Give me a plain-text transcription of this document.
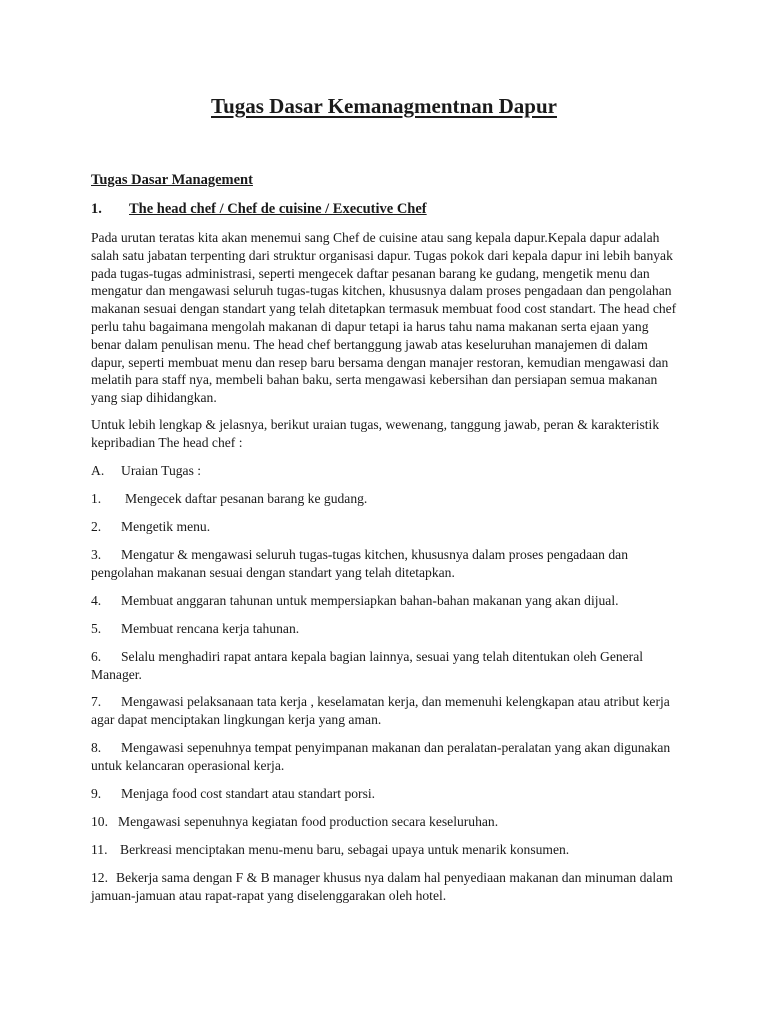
Tugas Dasar Kemanagmentnan Dapur
Tugas Dasar Management
1. The head chef / Chef de cuisine / Executive Chef
Pada urutan teratas kita akan menemui sang Chef de cuisine atau sang kepala dapur.Kepala dapur adalah salah satu jabatan terpenting dari struktur organisasi dapur. Tugas pokok dari kepala dapur ini lebih banyak pada tugas-tugas administrasi, seperti mengecek daftar pesanan barang ke gudang, mengetik menu dan mengatur dan mengawasi seluruh tugas-tugas kitchen, khususnya dalam proses pengadaan dan pengolahan makanan sesuai dengan standart yang telah ditetapkan termasuk membuat food cost standart. The head chef perlu tahu bagaimana mengolah makanan di dapur tetapi ia harus tahu nama makanan serta ejaan yang benar dalam penulisan menu. The head chef bertanggung jawab atas keseluruhan manajemen di dalam dapur, seperti membuat menu dan resep baru bersama dengan manajer restoran, kemudian mengawasi dan melatih para staff nya, membeli bahan baku, serta mengawasi kebersihan dan persiapan semua makanan yang siap dihidangkan.
Untuk lebih lengkap & jelasnya, berikut uraian tugas, wewenang, tanggung jawab, peran & karakteristik kepribadian The head chef :
A. Uraian Tugas :
1. Mengecek daftar pesanan barang ke gudang.
2. Mengetik menu.
3. Mengatur & mengawasi seluruh tugas-tugas kitchen, khususnya dalam proses pengadaan dan pengolahan makanan sesuai dengan standart yang telah ditetapkan.
4. Membuat anggaran tahunan untuk mempersiapkan bahan-bahan makanan yang akan dijual.
5. Membuat rencana kerja tahunan.
6. Selalu menghadiri rapat antara kepala bagian lainnya, sesuai yang telah ditentukan oleh General Manager.
7. Mengawasi pelaksanaan tata kerja , keselamatan kerja, dan memenuhi kelengkapan atau atribut kerja agar dapat menciptakan lingkungan kerja yang aman.
8. Mengawasi sepenuhnya tempat penyimpanan makanan dan peralatan-peralatan yang akan digunakan untuk kelancaran operasional kerja.
9. Menjaga food cost standart atau standart porsi.
10. Mengawasi sepenuhnya kegiatan food production secara keseluruhan.
11. Berkreasi menciptakan menu-menu baru, sebagai upaya untuk menarik konsumen.
12. Bekerja sama dengan F & B manager khusus nya dalam hal penyediaan makanan dan minuman dalam jamuan-jamuan atau rapat-rapat yang diselenggarakan oleh hotel.
